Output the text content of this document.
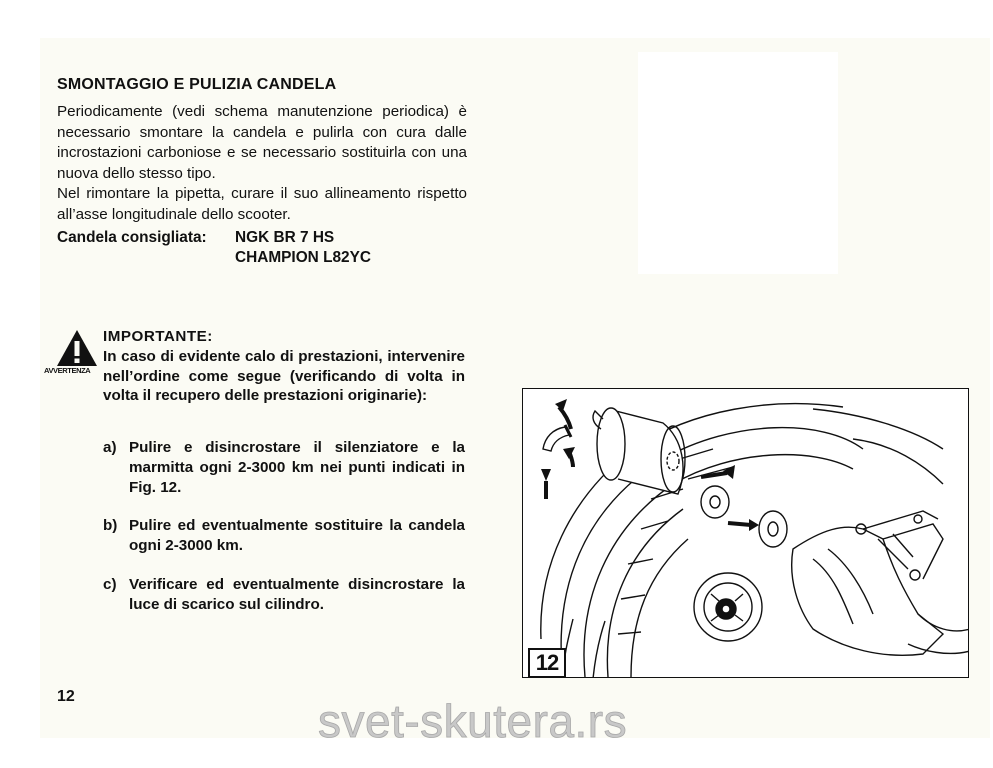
SMONTAGGIO E PULIZIA CANDELA

Periodicamente (vedi schema manutenzione periodica) è necessario smontare la candela e pulirla con cura dalle incrostazioni carboniose e se necessario sostituirla con una nuova dello stesso tipo.

Nel rimontare la pipetta, curare il suo allineamento rispetto all’asse longitudinale dello scooter.

Candela consigliata: NGK BR 7 HS
CHAMPION L82YC
AVVERTENZA
IMPORTANTE:

In caso di evidente calo di prestazioni, intervenire nell’ordine come segue (verificando di volta in volta il recupero delle prestazioni originarie):

a) Pulire e disincrostare il silenziatore e la marmitta ogni 2-3000 km nei punti indicati in Fig. 12.
b) Pulire ed eventualmente sostituire la candela ogni 2-3000 km.
c) Verificare ed eventualmente disincrostare la luce di scarico sul cilindro.
12
12
svet-skutera.rs
